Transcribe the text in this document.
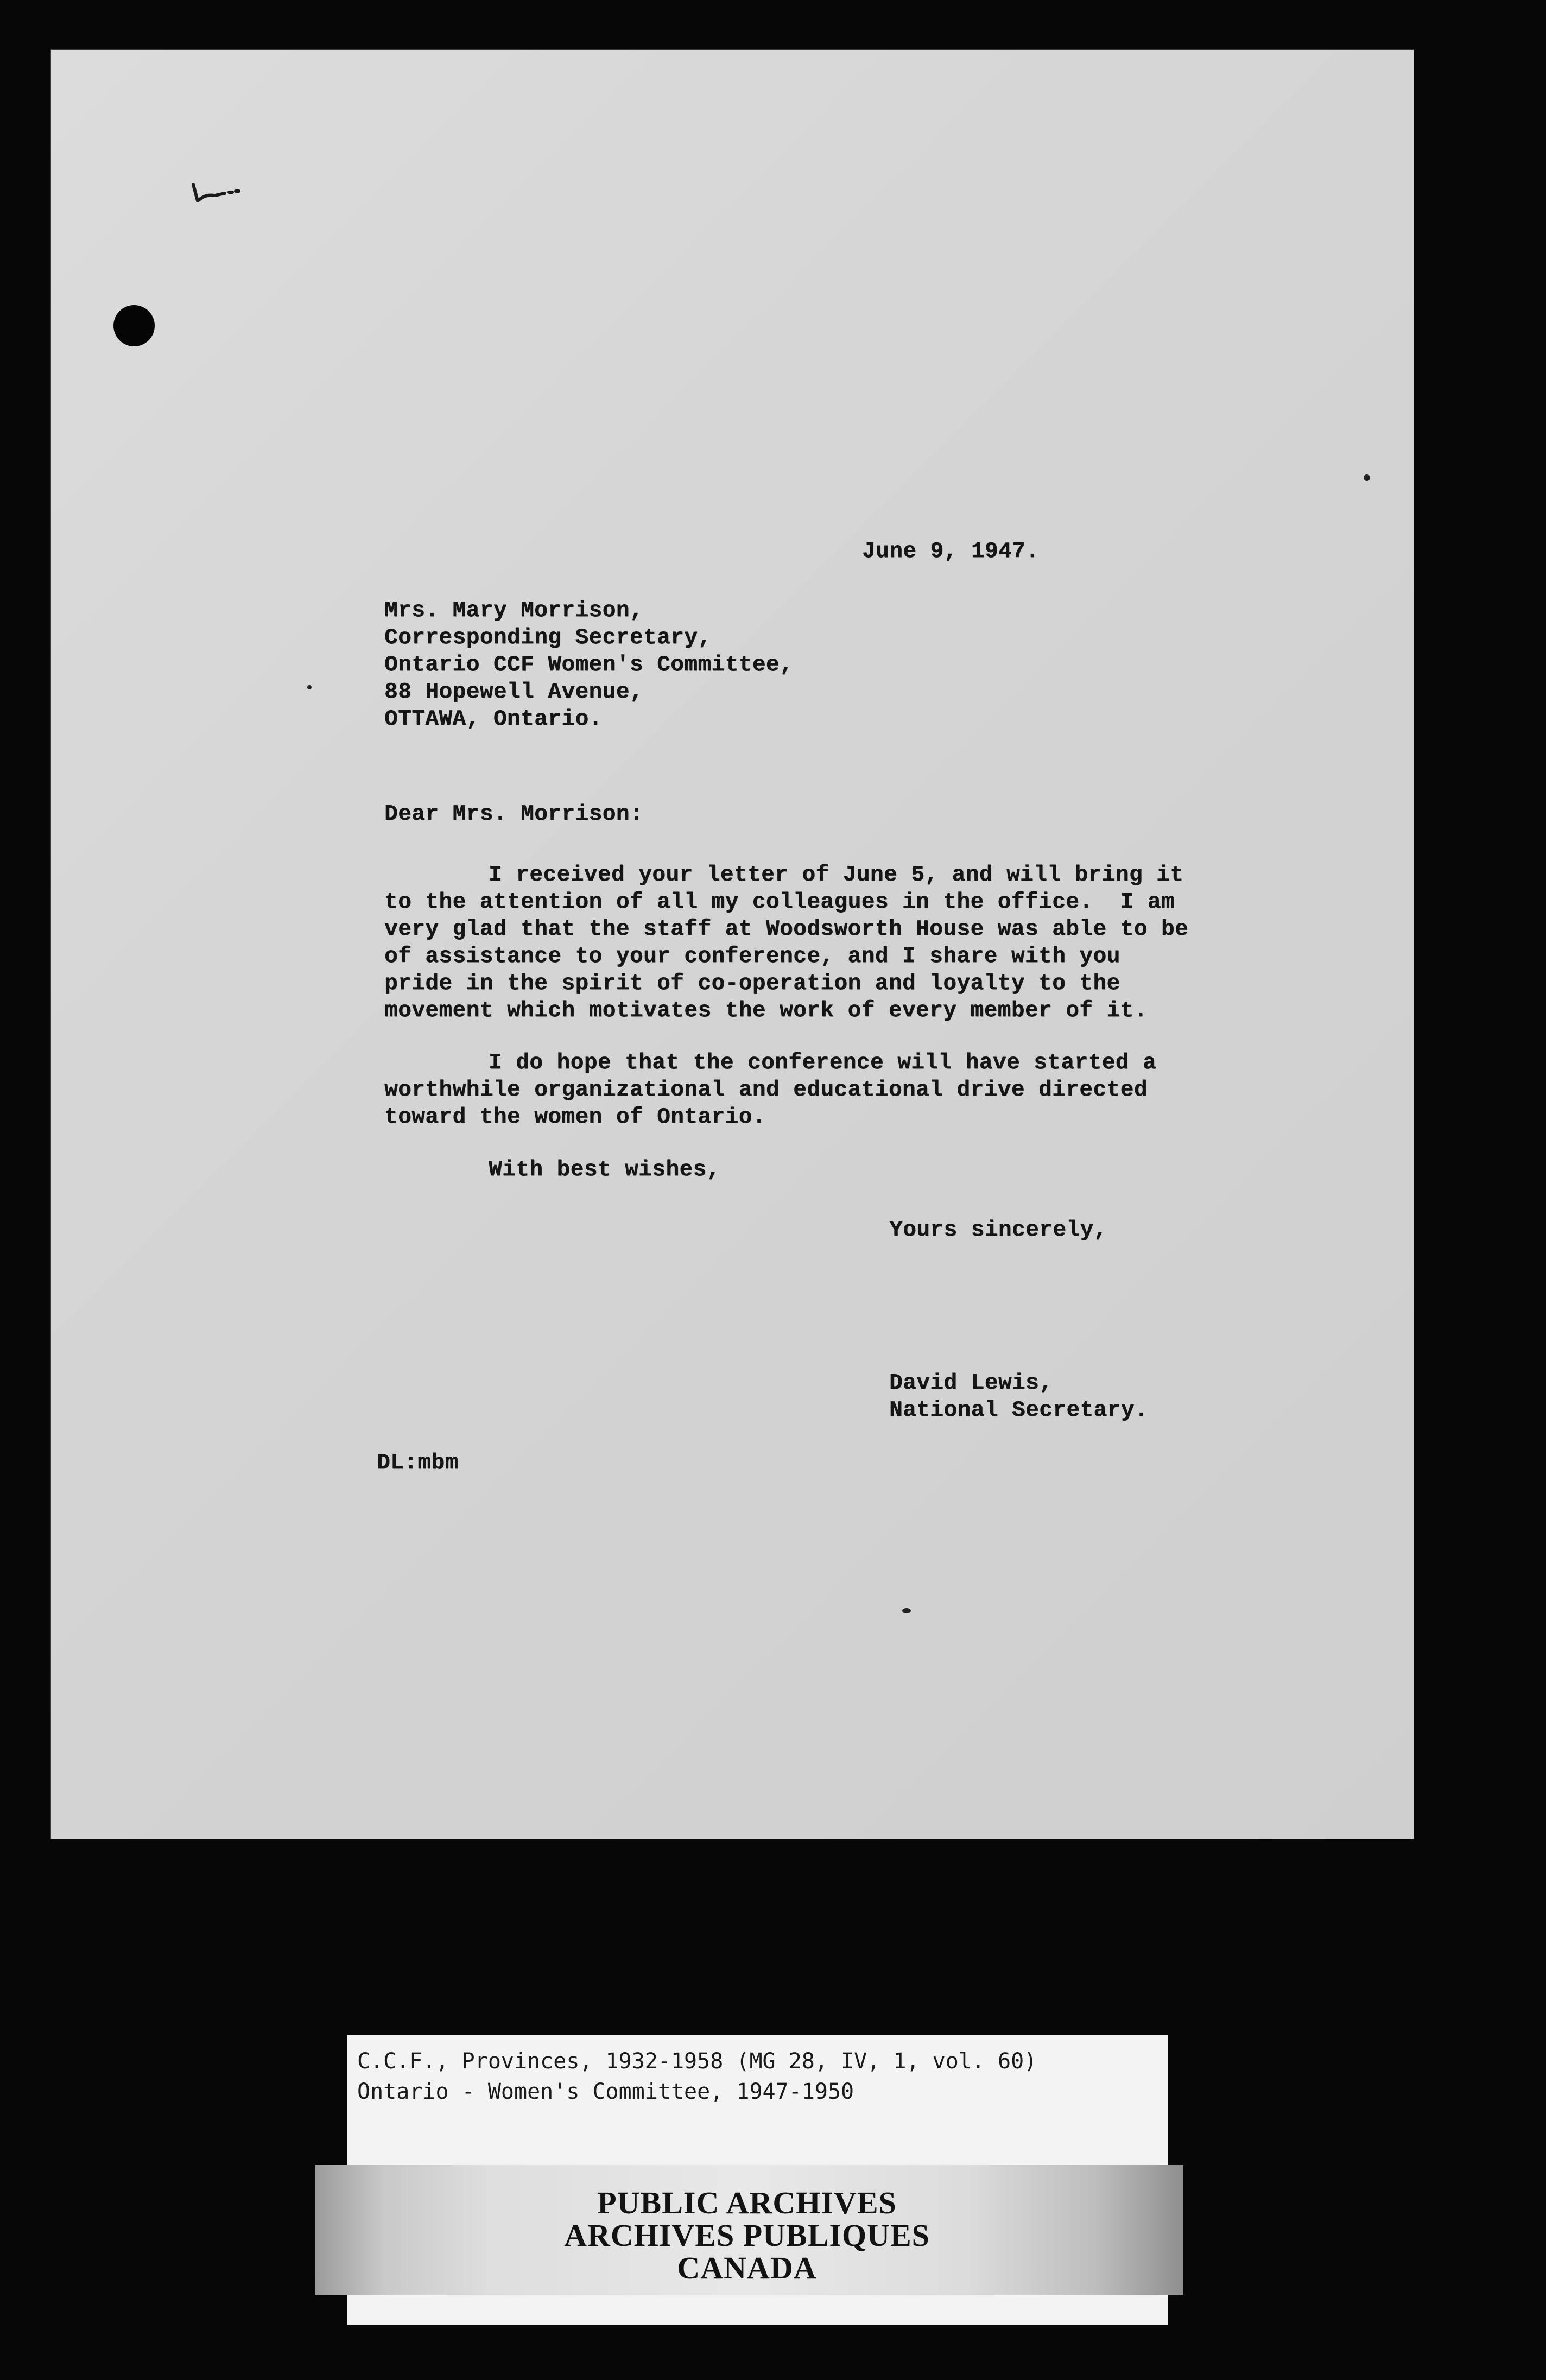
June 9, 1947.
Mrs. Mary Morrison,
Corresponding Secretary,
Ontario CCF Women's Committee,
88 Hopewell Avenue,
OTTAWA, Ontario.
Dear Mrs. Morrison:
I received your letter of June 5, and will bring it
to the attention of all my colleagues in the office.  I am
very glad that the staff at Woodsworth House was able to be
of assistance to your conference, and I share with you
pride in the spirit of co-operation and loyalty to the
movement which motivates the work of every member of it.
I do hope that the conference will have started a
worthwhile organizational and educational drive directed
toward the women of Ontario.
With best wishes,
Yours sincerely,
David Lewis,
National Secretary.
DL:mbm
C.C.F., Provinces, 1932-1958 (MG 28, IV, 1, vol. 60)
Ontario - Women's Committee, 1947-1950
PUBLIC ARCHIVES
ARCHIVES PUBLIQUES
CANADA
